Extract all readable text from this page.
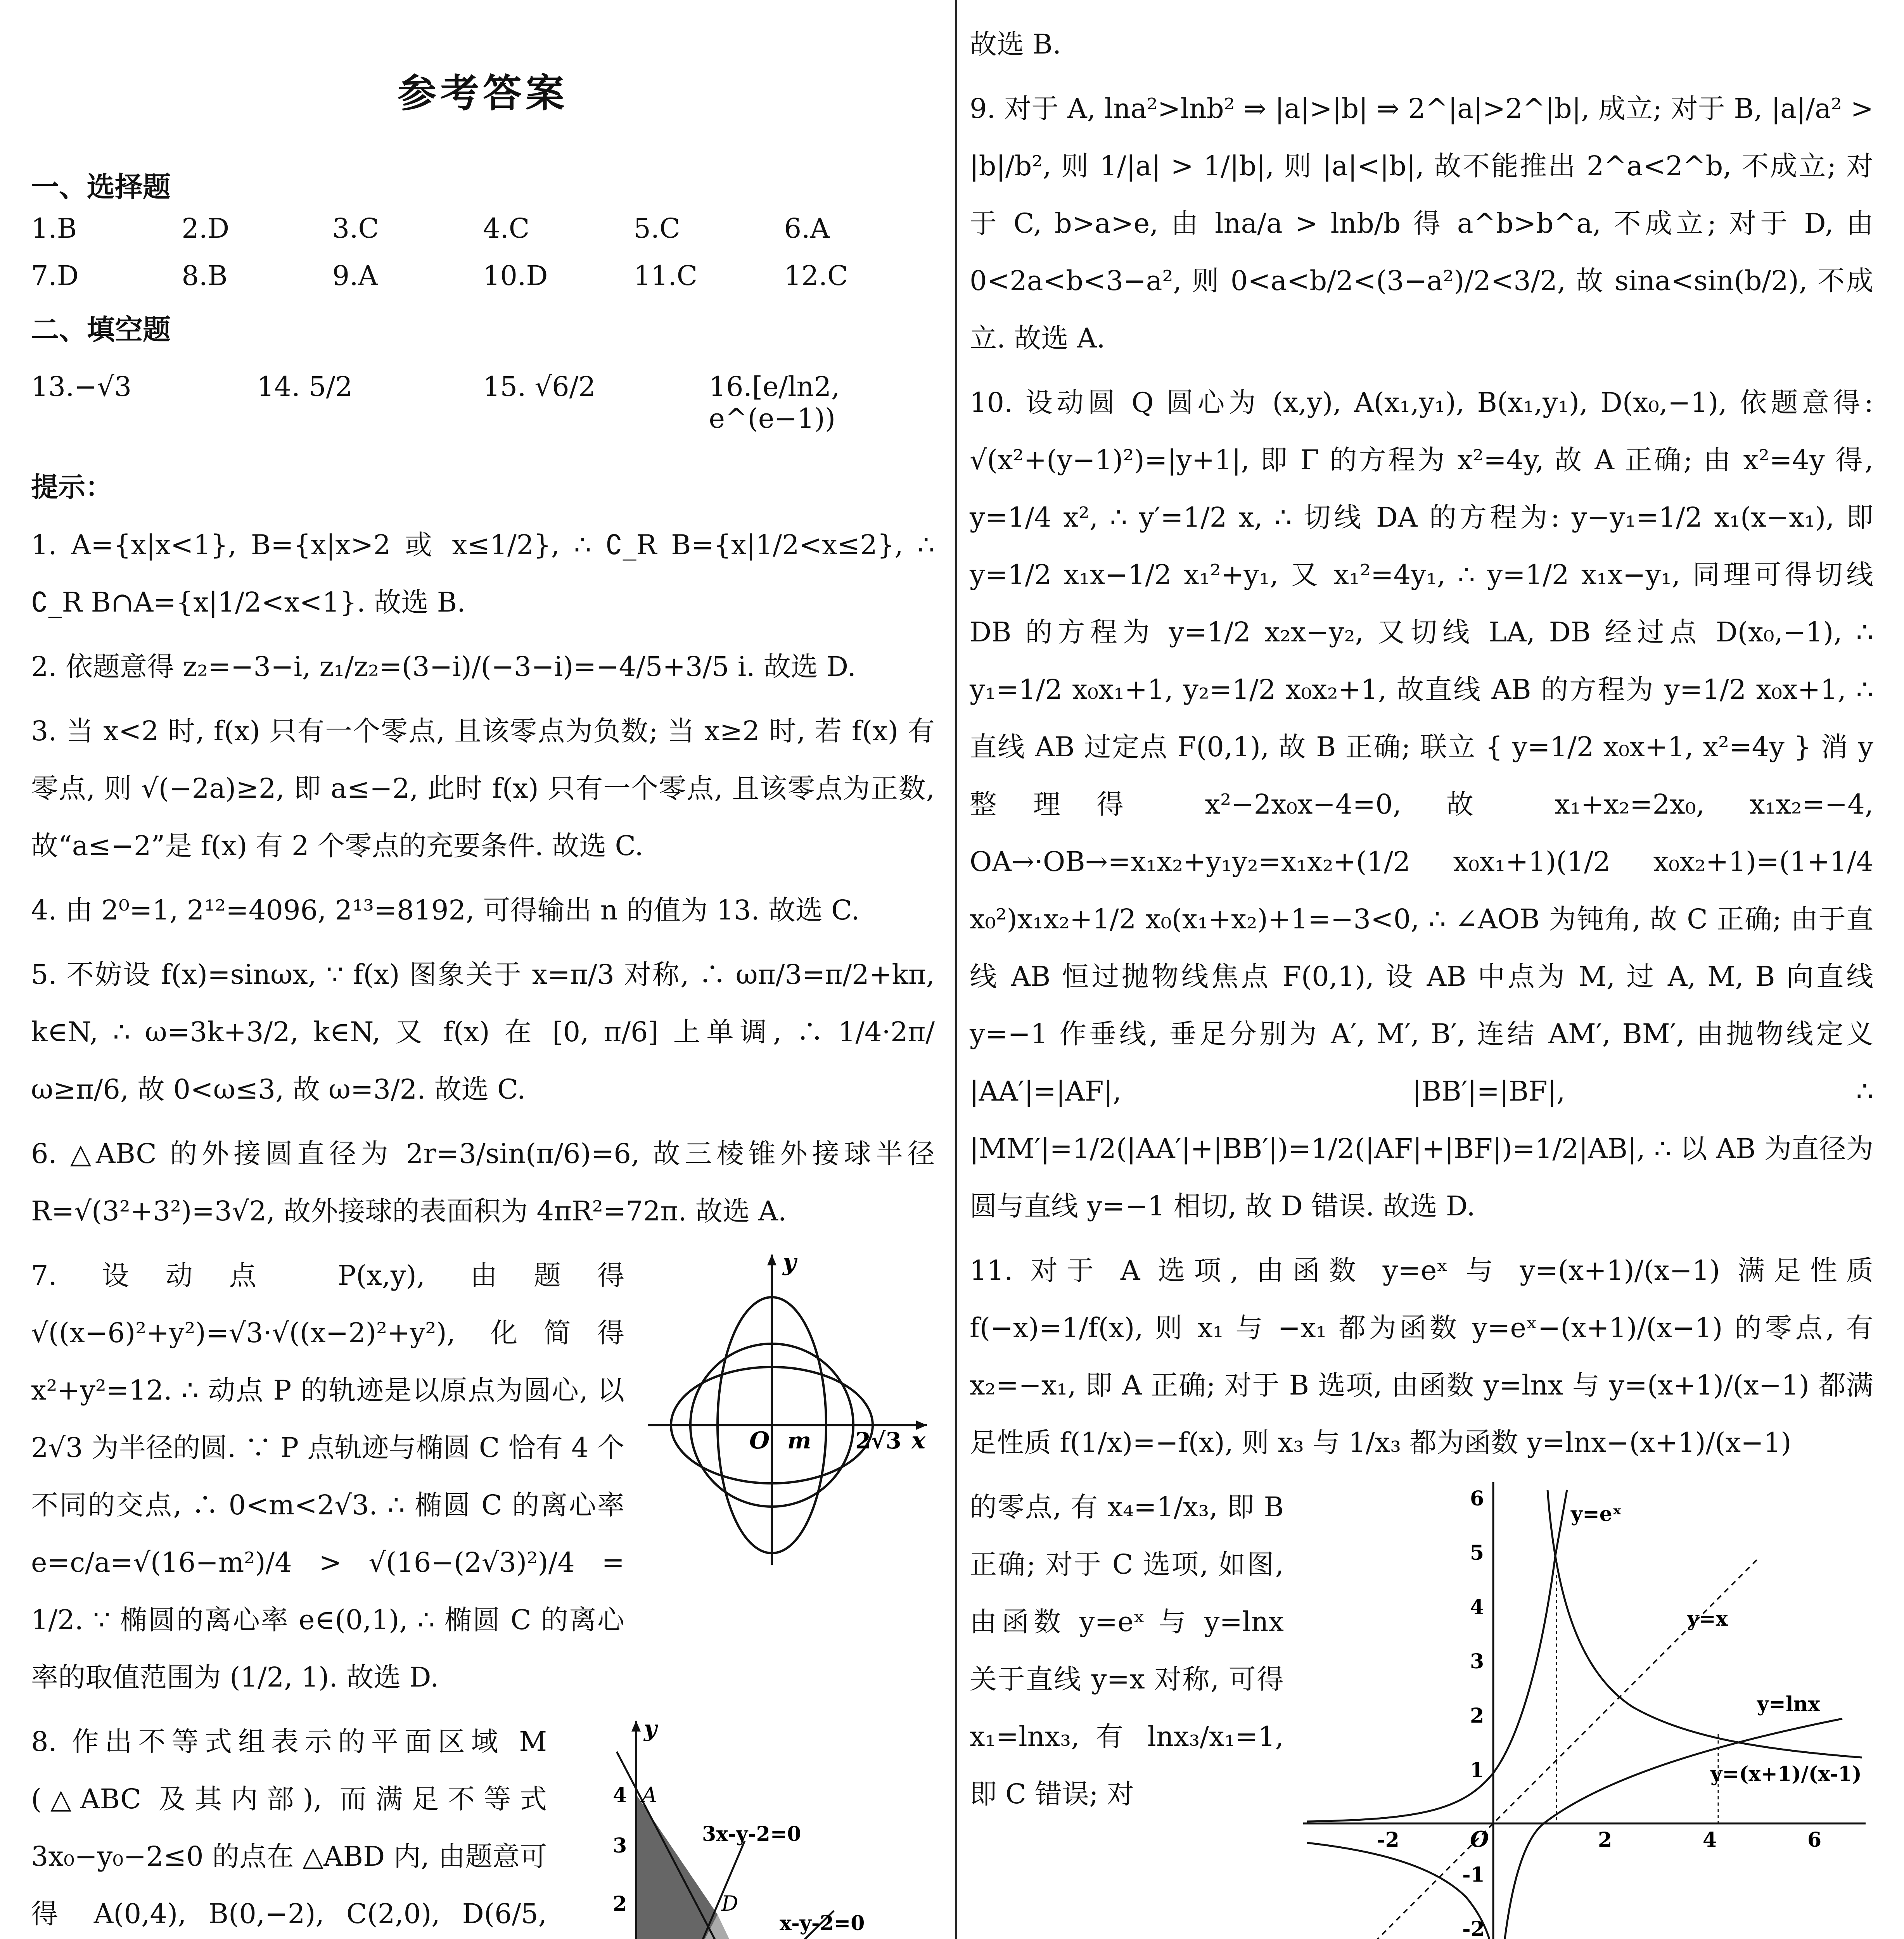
参考答案
一、选择题
1.B	2.D	3.C	4.C	5.C	6.A
7.D	8.B	9.A	10.D	11.C	12.C
二、填空题
13.−√3	14. 5/2	15. √6/2	16.[e/ln2, e^(e−1))
提示：

1. A={x|x<1}, B={x|x>2 或 x≤1/2}, ∴ ∁_R B={x|1/2<x≤2}, ∴ ∁_R B∩A={x|1/2<x<1}. 故选 B.

2. 依题意得 z₂=−3−i, z₁/z₂=(3−i)/(−3−i)=−4/5+3/5 i. 故选 D.

3. 当 x<2 时, f(x) 只有一个零点, 且该零点为负数; 当 x≥2 时, 若 f(x) 有零点, 则 √(−2a)≥2, 即 a≤−2, 此时 f(x) 只有一个零点, 且该零点为正数, 故“a≤−2”是 f(x) 有 2 个零点的充要条件. 故选 C.

4. 由 2⁰=1, 2¹²=4096, 2¹³=8192, 可得输出 n 的值为 13. 故选 C.

5. 不妨设 f(x)=sinωx, ∵ f(x) 图象关于 x=π/3 对称, ∴ ωπ/3=π/2+kπ, k∈N, ∴ ω=3k+3/2, k∈N, 又 f(x) 在 [0, π/6] 上单调, ∴ 1/4·2π/ω≥π/6, 故 0<ω≤3, 故 ω=3/2. 故选 C.

6. △ABC 的外接圆直径为 2r=3/sin(π/6)=6, 故三棱锥外接球半径 R=√(3²+3²)=3√2, 故外接球的表面积为 4πR²=72π. 故选 A.

7. 设动点 P(x,y), 由题得 √((x−6)²+y²)=√3·√((x−2)²+y²), 化简得 x²+y²=12. ∴ 动点 P 的轨迹是以原点为圆心, 以 2√3 为半径的圆. ∵ P 点轨迹与椭圆 C 恰有 4 个不同的交点, ∴ 0<m<2√3. ∴ 椭圆 C 的离心率 e=c/a=√(16−m²)/4 > √(16−(2√3)²)/4 = 1/2. ∵ 椭圆的离心率 e∈(0,1), ∴ 椭圆 C 的离心率的取值范围为 (1/2, 1). 故选 D.

y
x
O m 2√3

8. 作出不等式组表示的平面区域 M (△ABC 及其内部), 而满足不等式 3x₀−y₀−2≤0 的点在 △ABD 内, 由题意可得 A(0,4), B(0,−2), C(2,0), D(6/5,

y
A
D
3x-y-2=0
x-y-2=0
4
3
2

故选 B.

9. 对于 A, lna²>lnb² ⇒ |a|>|b| ⇒ 2^|a|>2^|b|, 成立; 对于 B, |a|/a² > |b|/b², 则 1/|a| > 1/|b|, 则 |a|<|b|, 故不能推出 2^a<2^b, 不成立; 对于 C, b>a>e, 由 lna/a > lnb/b 得 a^b>b^a, 不成立; 对于 D, 由 0<2a<b<3−a², 则 0<a<b/2<(3−a²)/2<3/2, 故 sina<sin(b/2), 不成立. 故选 A.

10. 设动圆 Q 圆心为 (x,y), A(x₁,y₁), B(x₁,y₁), D(x₀,−1), 依题意得: √(x²+(y−1)²)=|y+1|, 即 Γ 的方程为 x²=4y, 故 A 正确; 由 x²=4y 得, y=1/4 x², ∴ y′=1/2 x, ∴ 切线 DA 的方程为: y−y₁=1/2 x₁(x−x₁), 即 y=1/2 x₁x−1/2 x₁²+y₁, 又 x₁²=4y₁, ∴ y=1/2 x₁x−y₁, 同理可得切线 DB 的方程为 y=1/2 x₂x−y₂, 又切线 LA, DB 经过点 D(x₀,−1), ∴ y₁=1/2 x₀x₁+1, y₂=1/2 x₀x₂+1, 故直线 AB 的方程为 y=1/2 x₀x+1, ∴ 直线 AB 过定点 F(0,1), 故 B 正确; 联立 { y=1/2 x₀x+1, x²=4y } 消 y 整理得 x²−2x₀x−4=0, 故 x₁+x₂=2x₀, x₁x₂=−4, OA→·OB→=x₁x₂+y₁y₂=x₁x₂+(1/2 x₀x₁+1)(1/2 x₀x₂+1)=(1+1/4 x₀²)x₁x₂+1/2 x₀(x₁+x₂)+1=−3<0, ∴ ∠AOB 为钝角, 故 C 正确; 由于直线 AB 恒过抛物线焦点 F(0,1), 设 AB 中点为 M, 过 A, M, B 向直线 y=−1 作垂线, 垂足分别为 A′, M′, B′, 连结 AM′, BM′, 由抛物线定义 |AA′|=|AF|, |BB′|=|BF|, ∴ |MM′|=1/2(|AA′|+|BB′|)=1/2(|AF|+|BF|)=1/2|AB|, ∴ 以 AB 为直径为圆与直线 y=−1 相切, 故 D 错误. 故选 D.

11. 对于 A 选项, 由函数 y=eˣ 与 y=(x+1)/(x−1) 满足性质 f(−x)=1/f(x), 则 x₁ 与 −x₁ 都为函数 y=eˣ−(x+1)/(x−1) 的零点, 有 x₂=−x₁, 即 A 正确; 对于 B 选项, 由函数 y=lnx 与 y=(x+1)/(x−1) 都满足性质 f(1/x)=−f(x), 则 x₃ 与 1/x₃ 都为函数 y=lnx−(x+1)/(x−1)

的零点, 有 x₄=1/x₃, 即 B 正确; 对于 C 选项, 如图, 由函数 y=eˣ 与 y=lnx 关于直线 y=x 对称, 可得 x₁=lnx₃, 有 lnx₃/x₁=1, 即 C 错误; 对

y=eˣ
y=x
y=lnx
y=(x+1)/(x-1)
O
6
5
4
3
2
1
-1
-2
-2	2	4	6
